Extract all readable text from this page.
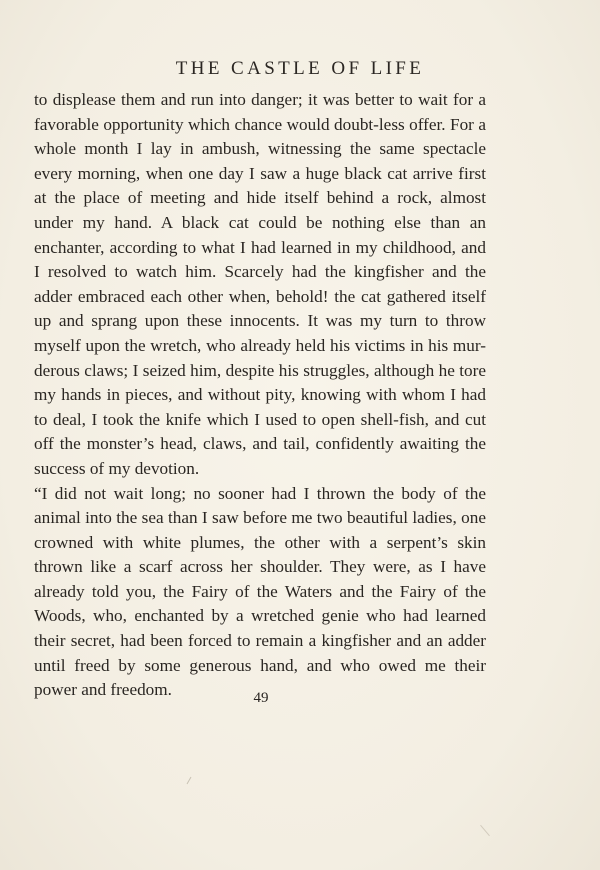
THE CASTLE OF LIFE

to displease them and run into danger; it was better to wait for a favorable opportunity which chance would doubt-less offer. For a whole month I lay in ambush, witnessing the same spectacle every morning, when one day I saw a huge black cat arrive first at the place of meeting and hide itself behind a rock, almost under my hand. A black cat could be nothing else than an enchanter, according to what I had learned in my childhood, and I resolved to watch him. Scarcely had the kingfisher and the adder embraced each other when, behold! the cat gathered itself up and sprang upon these innocents. It was my turn to throw myself upon the wretch, who already held his victims in his mur-derous claws; I seized him, despite his struggles, although he tore my hands in pieces, and without pity, knowing with whom I had to deal, I took the knife which I used to open shell-fish, and cut off the monster’s head, claws, and tail, confidently awaiting the success of my devotion.

“I did not wait long; no sooner had I thrown the body of the animal into the sea than I saw before me two beautiful ladies, one crowned with white plumes, the other with a serpent’s skin thrown like a scarf across her shoulder. They were, as I have already told you, the Fairy of the Waters and the Fairy of the Woods, who, enchanted by a wretched genie who had learned their secret, had been forced to remain a kingfisher and an adder until freed by some generous hand, and who owed me their power and freedom.	49
